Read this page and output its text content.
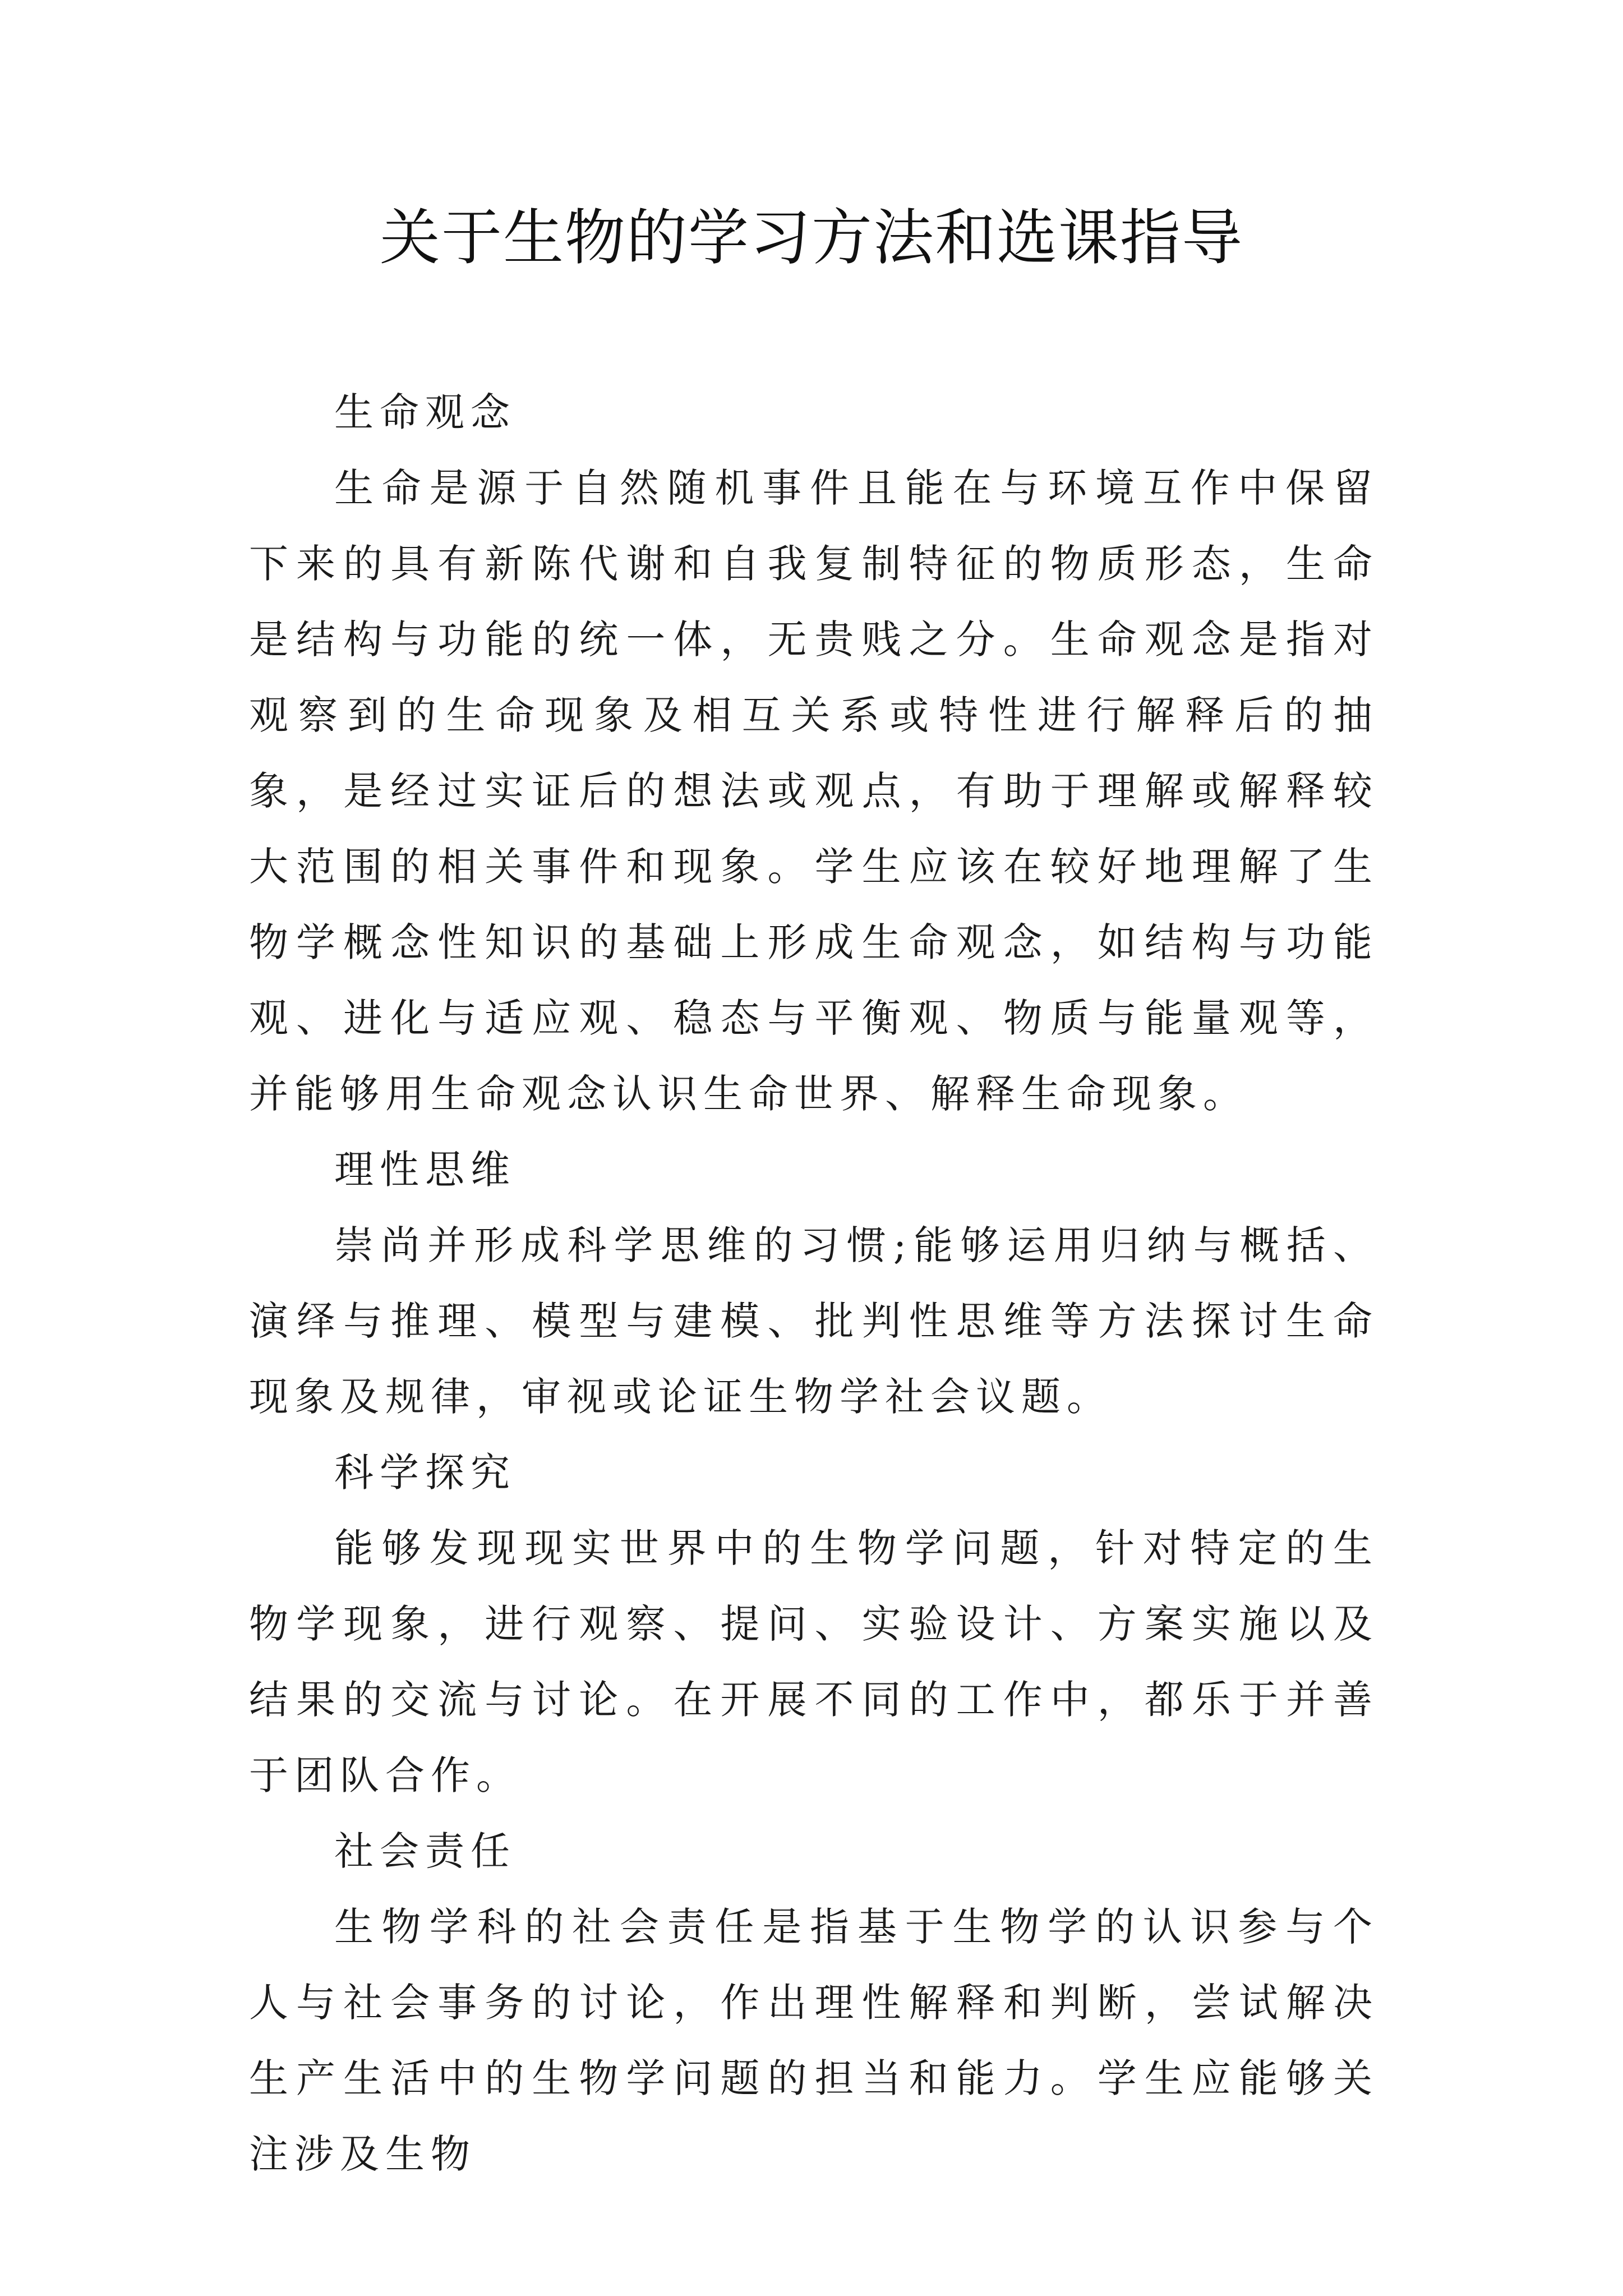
关于生物的学习方法和选课指导

生命观念

生命是源于自然随机事件且能在与环境互作中保留下来的具有新陈代谢和自我复制特征的物质形态，生命是结构与功能的统一体，无贵贱之分。生命观念是指对观察到的生命现象及相互关系或特性进行解释后的抽象，是经过实证后的想法或观点，有助于理解或解释较大范围的相关事件和现象。学生应该在较好地理解了生物学概念性知识的基础上形成生命观念，如结构与功能观、进化与适应观、稳态与平衡观、物质与能量观等，并能够用生命观念认识生命世界、解释生命现象。

理性思维

崇尚并形成科学思维的习惯;能够运用归纳与概括、演绎与推理、模型与建模、批判性思维等方法探讨生命现象及规律，审视或论证生物学社会议题。

科学探究

能够发现现实世界中的生物学问题，针对特定的生物学现象，进行观察、提问、实验设计、方案实施以及结果的交流与讨论。在开展不同的工作中，都乐于并善于团队合作。

社会责任

生物学科的社会责任是指基于生物学的认识参与个人与社会事务的讨论，作出理性解释和判断，尝试解决生产生活中的生物学问题的担当和能力。学生应能够关注涉及生物
